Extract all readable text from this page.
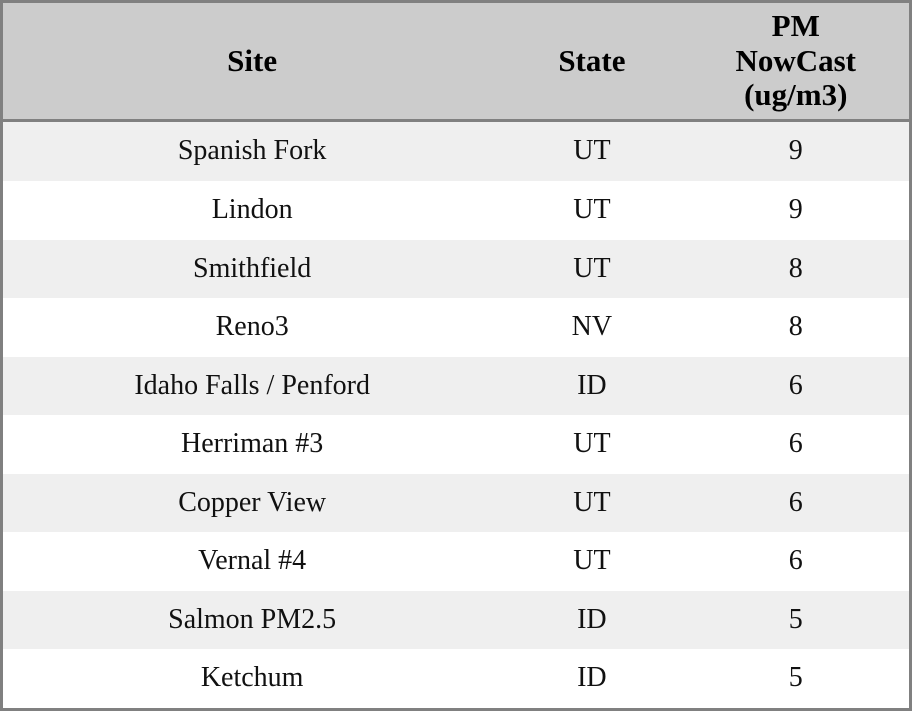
Site	State	PM
NowCast
(ug/m3)

Spanish Fork	UT	9
Lindon	UT	9
Smithfield	UT	8
Reno3	NV	8
Idaho Falls / Penford	ID	6
Herriman #3	UT	6
Copper View	UT	6
Vernal #4	UT	6
Salmon PM2.5	ID	5
Ketchum	ID	5
